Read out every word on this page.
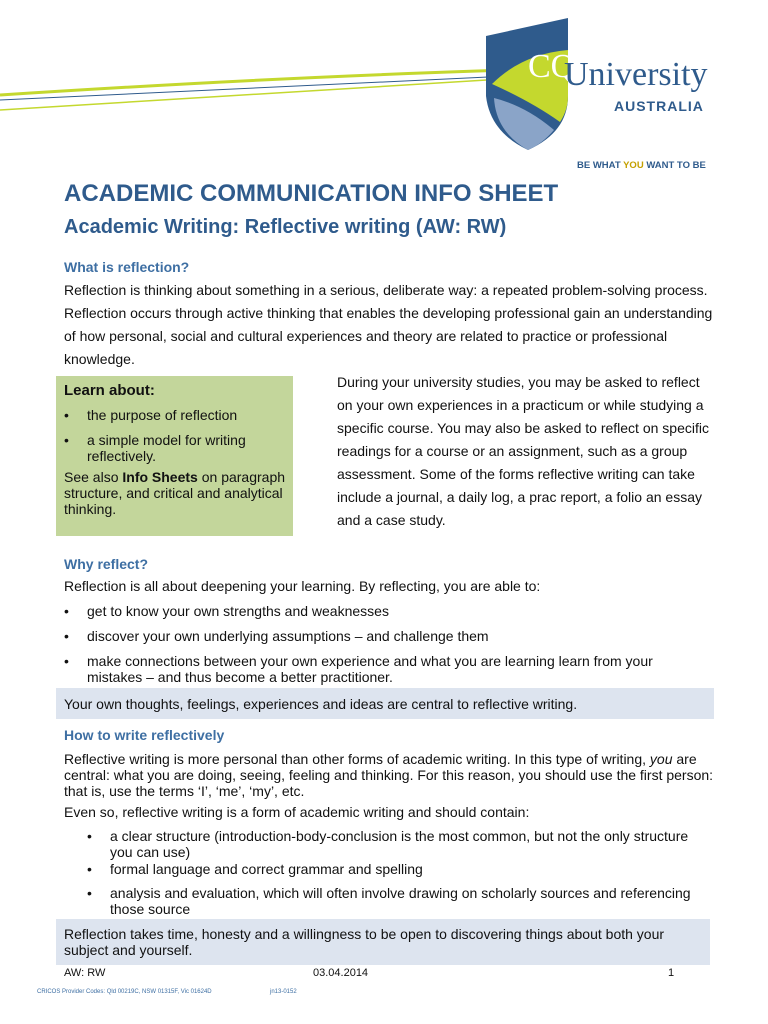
CQ
University
AUSTRALIA
BE WHAT YOU WANT TO BE
ACADEMIC COMMUNICATION INFO SHEET
Academic Writing: Reflective writing (AW: RW)
What is reflection?
Reflection is thinking about something in a serious, deliberate way: a repeated problem-solving process. Reflection occurs through active thinking that enables the developing professional gain an understanding of how personal, social and cultural experiences and theory are related to practice or professional knowledge.
Learn about:
• the purpose of reflection
• a simple model for writing reflectively.
See also Info Sheets on paragraph structure, and critical and analytical thinking.
During your university studies, you may be asked to reflect on your own experiences in a practicum or while studying a specific course. You may also be asked to reflect on specific readings for a course or an assignment, such as a group assessment. Some of the forms reflective writing can take include a journal, a daily log, a prac report, a folio an essay and a case study.
Why reflect?
Reflection is all about deepening your learning. By reflecting, you are able to:
• get to know your own strengths and weaknesses
• discover your own underlying assumptions – and challenge them
• make connections between your own experience and what you are learning learn from your mistakes – and thus become a better practitioner.
Your own thoughts, feelings, experiences and ideas are central to reflective writing.
How to write reflectively
Reflective writing is more personal than other forms of academic writing. In this type of writing, you are central: what you are doing, seeing, feeling and thinking. For this reason, you should use the first person: that is, use the terms ‘I’, ‘me’, ‘my’, etc.
Even so, reflective writing is a form of academic writing and should contain:
• a clear structure (introduction-body-conclusion is the most common, but not the only structure you can use)
• formal language and correct grammar and spelling
• analysis and evaluation, which will often involve drawing on scholarly sources and referencing those source
Reflection takes time, honesty and a willingness to be open to discovering things about both your subject and yourself.
AW: RW	03.04.2014	1
CRICOS Provider Codes: Qld 00219C, NSW 01315F, Vic 01624D	jn13-0152
